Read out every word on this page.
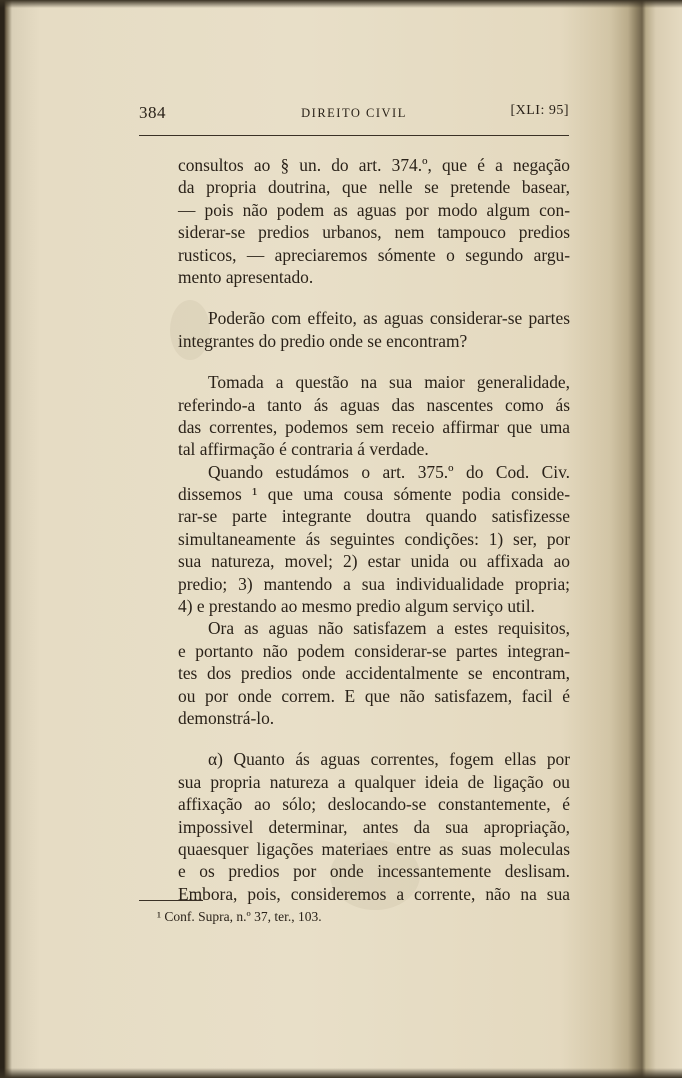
384	DIREITO CIVIL	[XLI: 95]
consultos ao § un. do art. 374.º, que é a negação
da propria doutrina, que nelle se pretende basear,
— pois não podem as aguas por modo algum con-
siderar-se predios urbanos, nem tampouco predios
rusticos, — apreciaremos sómente o segundo argu-
mento apresentado.
Poderão com effeito, as aguas considerar-se partes
integrantes do predio onde se encontram?
Tomada a questão na sua maior generalidade,
referindo-a tanto ás aguas das nascentes como ás
das correntes, podemos sem receio affirmar que uma
tal affirmação é contraria á verdade.
Quando estudámos o art. 375.º do Cod. Civ.
dissemos ¹ que uma cousa sómente podia conside-
rar-se parte integrante doutra quando satisfizesse
simultaneamente ás seguintes condições: 1) ser, por
sua natureza, movel; 2) estar unida ou affixada ao
predio; 3) mantendo a sua individualidade propria;
4) e prestando ao mesmo predio algum serviço util.
Ora as aguas não satisfazem a estes requisitos,
e portanto não podem considerar-se partes integran-
tes dos predios onde accidentalmente se encontram,
ou por onde correm. E que não satisfazem, facil é
demonstrá-lo.
α) Quanto ás aguas correntes, fogem ellas por
sua propria natureza a qualquer ideia de ligação ou
affixação ao sólo; deslocando-se constantemente, é
impossivel determinar, antes da sua apropriação,
quaesquer ligações materiaes entre as suas moleculas
e os predios por onde incessantemente deslisam.
Embora, pois, consideremos a corrente, não na sua
¹ Conf. Supra, n.º 37, ter., 103.
